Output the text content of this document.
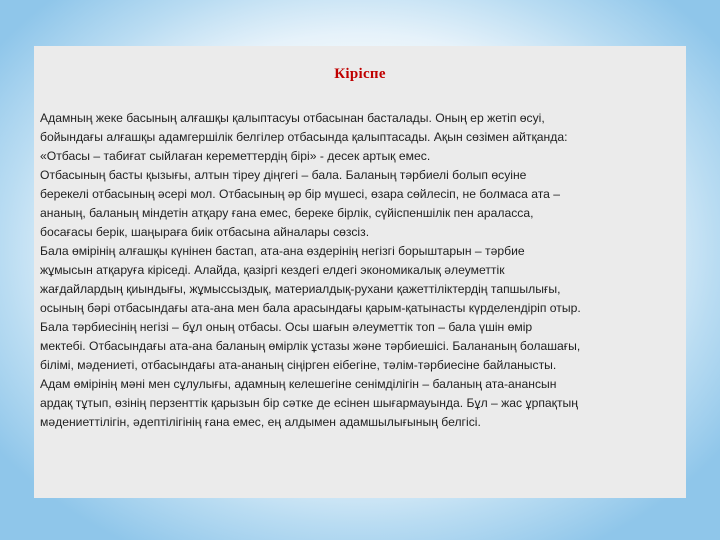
Кіріспе
Адамның жеке басының алғашқы қалыптасуы отбасынан басталады. Оның ер жетіп өсуі,
бойындағы алғашқы адамгершілік белгілер отбасында қалыптасады. Ақын сөзімен айтқанда:
«Отбасы – табиғат сыйлаған кереметтердің бірі» - десек артық емес.
Отбасының басты қызығы, алтын тіреу діңгегі – бала. Баланың тәрбиелі болып өсуіне
берекелі отбасының әсері мол. Отбасының әр бір мүшесі, өзара сөйлесіп, не болмаса ата –
ананың, баланың міндетін атқару ғана емес, береке бірлік, сүйіспеншілік пен араласса,
босағасы берік, шаңыраға биік отбасына айналары сөзсіз.
Бала өмірінің алғашқы күнінен бастап, ата-ана өздерінің негізгі борыштарын – тәрбие
жұмысын атқаруға кіріседі. Алайда, қазіргі кездегі елдегі экономикалық әлеуметтік
жағдайлардың қиындығы, жұмыссыздық, материалдық-рухани қажеттіліктердің тапшылығы,
осының бәрі отбасындағы ата-ана мен бала арасындағы қарым-қатынасты күрделендіріп отыр.
Бала тәрбиесінің негізі – бұл оның отбасы. Осы шағын әлеуметтік топ – бала үшін өмір
мектебі. Отбасындағы ата-ана баланың өмірлік ұстазы және тәрбиешісі. Балананың болашағы,
білімі, мәдениеті, отбасындағы ата-ананың сіңірген еібегіне, тәлім-тәрбиесіне байланысты.
Адам өмірінің мәні мен сұлулығы, адамның келешегіне сенімділігін – баланың ата-анансын
ардақ тұтып, өзінің перзенттік қарызын бір сәтке де есінен шығармауында. Бұл – жас ұрпақтың
мәдениеттілігін, әдептілігінің ғана емес, ең алдымен адамшылығының белгісі.
